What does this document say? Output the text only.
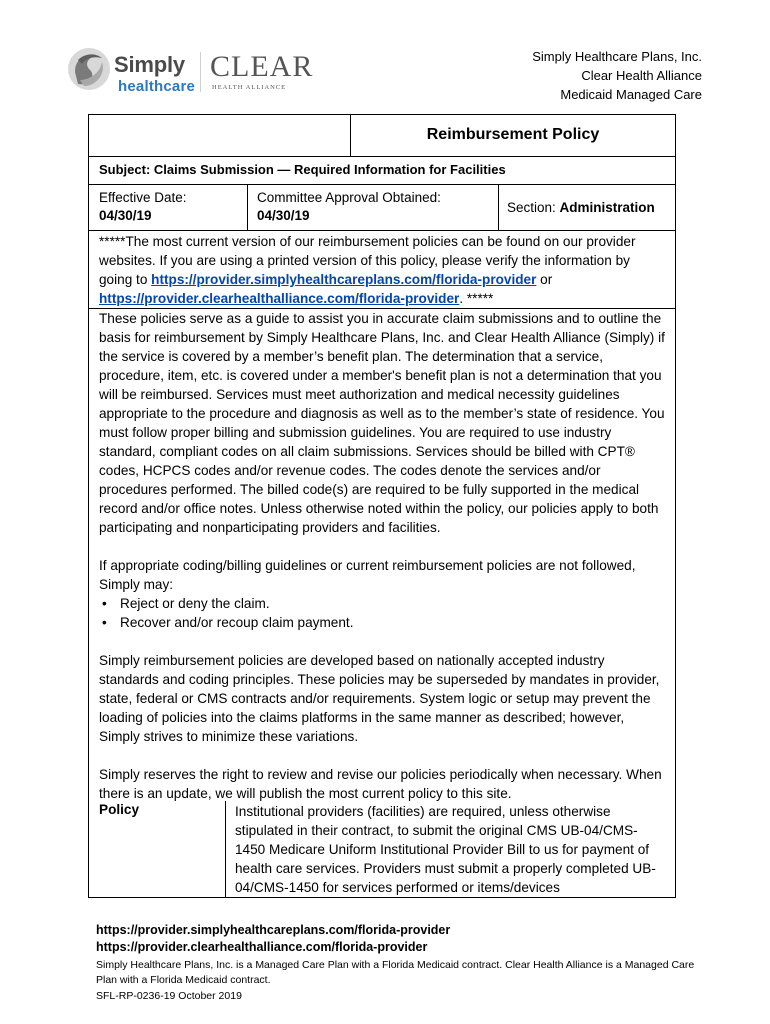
Simply
healthcare
CLEAR
HEALTH ALLIANCE
Simply Healthcare Plans, Inc.
Clear Health Alliance
Medicaid Managed Care
Reimbursement Policy
Subject: Claims Submission — Required Information for Facilities
Effective Date:
04/30/19
Committee Approval Obtained:
04/30/19
Section: Administration
*****The most current version of our reimbursement policies can be found on our provider websites. If you are using a printed version of this policy, please verify the information by going to https://provider.simplyhealthcareplans.com/florida-provider or https://provider.clearhealthalliance.com/florida-provider. *****

These policies serve as a guide to assist you in accurate claim submissions and to outline the basis for reimbursement by Simply Healthcare Plans, Inc. and Clear Health Alliance (Simply) if the service is covered by a member’s benefit plan. The determination that a service, procedure, item, etc. is covered under a member's benefit plan is not a determination that you will be reimbursed. Services must meet authorization and medical necessity guidelines appropriate to the procedure and diagnosis as well as to the member’s state of residence. You must follow proper billing and submission guidelines. You are required to use industry standard, compliant codes on all claim submissions. Services should be billed with CPT® codes, HCPCS codes and/or revenue codes. The codes denote the services and/or procedures performed. The billed code(s) are required to be fully supported in the medical record and/or office notes. Unless otherwise noted within the policy, our policies apply to both participating and nonparticipating providers and facilities.

If appropriate coding/billing guidelines or current reimbursement policies are not followed, Simply may:

• Reject or deny the claim.
• Recover and/or recoup claim payment.

Simply reimbursement policies are developed based on nationally accepted industry standards and coding principles. These policies may be superseded by mandates in provider, state, federal or CMS contracts and/or requirements. System logic or setup may prevent the loading of policies into the claims platforms in the same manner as described; however, Simply strives to minimize these variations.

Simply reserves the right to review and revise our policies periodically when necessary. When there is an update, we will publish the most current policy to this site.

Policy	Institutional providers (facilities) are required, unless otherwise stipulated in their contract, to submit the original CMS UB-04/CMS-1450 Medicare Uniform Institutional Provider Bill to us for payment of health care services. Providers must submit a properly completed UB-04/CMS-1450 for services performed or items/devices
https://provider.simplyhealthcareplans.com/florida-provider
https://provider.clearhealthalliance.com/florida-provider
Simply Healthcare Plans, Inc. is a Managed Care Plan with a Florida Medicaid contract. Clear Health Alliance is a Managed Care Plan with a Florida Medicaid contract.
SFL-RP-0236-19 October 2019
